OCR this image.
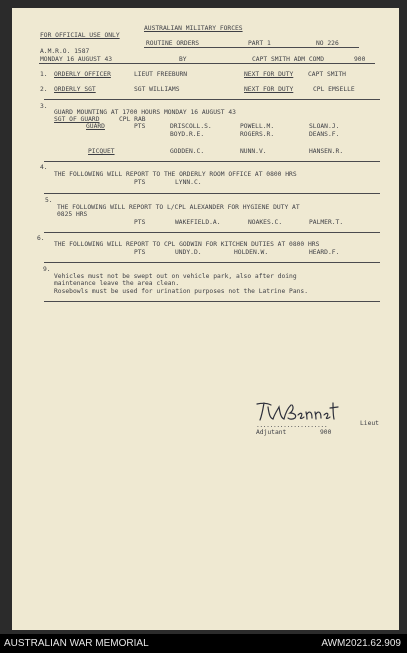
AUSTRALIAN MILITARY FORCES
FOR OFFICIAL USE ONLY
ROUTINE ORDERS	PART 1	NO 226
A.M.R.O. 1587
MONDAY 16 AUGUST 43	BY	CAPT SMITH ADM COMD	900
1. ORDERLY OFFICER	LIEUT FREEBURN	NEXT FOR DUTY CAPT SMITH
2. ORDERLY SGT	SGT WILLIAMS	NEXT FOR DUTY	CPL EMSELLE
3.
GUARD MOUNTING AT 1700 HOURS MONDAY 16 AUGUST 43
SGT OF GUARD	CPL RAB
GUARD	PTS	DRISCOLL.S.	POWELL.M.	SLOAN.J.
BOYD.R.E.	ROGERS.R.	DEANS.F.
PICQUET	GODDEN.C.	NUNN.V.	HANSEN.R.
4.
THE FOLLOWING WILL REPORT TO THE ORDERLY ROOM OFFICE AT 0800 HRS
PTS	LYNN.C.
5.
THE FOLLOWING WILL REPORT TO L/CPL ALEXANDER FOR HYGIENE DUTY AT
0825 HRS
PTS	WAKEFIELD.A.	NOAKES.C.	PALMER.T.
6.
THE FOLLOWING WILL REPORT TO CPL GODWIN FOR KITCHEN DUTIES AT 0800 HRS
PTS	UNDY.D.	HOLDEN.W.	HEARD.F.
9.
Vehicles must not be swept out on vehicle park, also after doing
maintenance leave the area clean.
Rosebowls must be used for urination purposes not the Latrine Pans.
.....................	Lieut
Adjutant	900
AUSTRALIAN WAR MEMORIAL	AWM2021.62.909
